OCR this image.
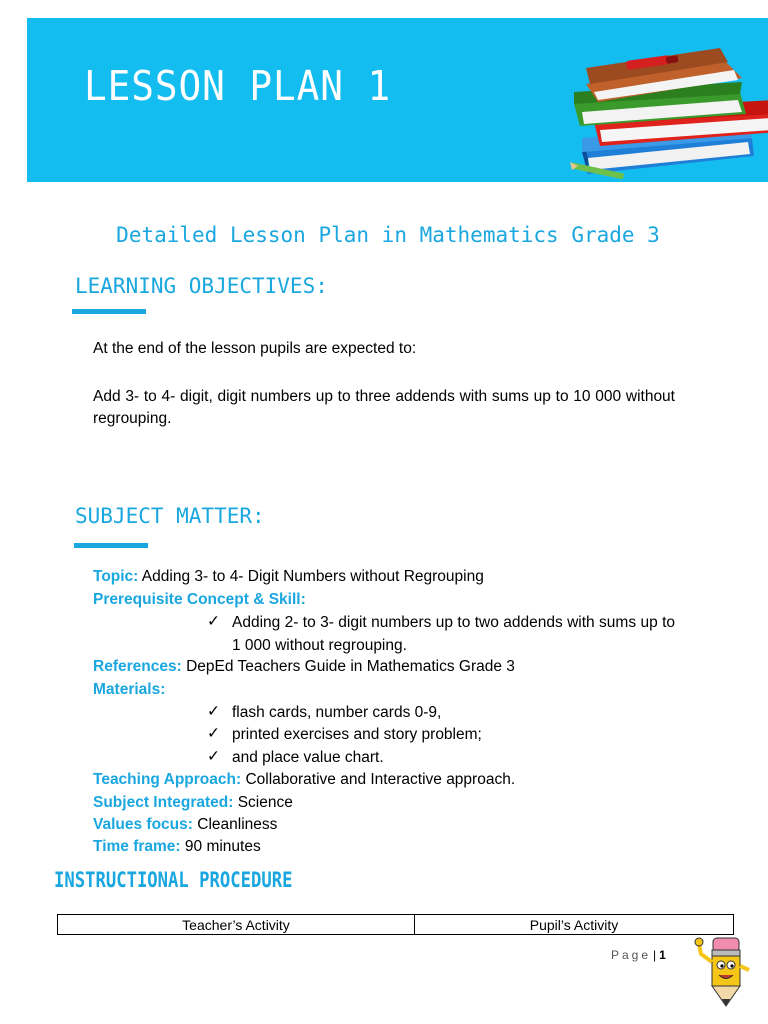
LESSON PLAN 1
Detailed Lesson Plan in Mathematics Grade 3
LEARNING OBJECTIVES:
At the end of the lesson pupils are expected to:
Add 3- to 4- digit, digit numbers up to three addends with sums up to 10 000 without regrouping.
SUBJECT MATTER:
Topic: Adding 3- to 4- Digit Numbers without Regrouping
Prerequisite Concept & Skill:
✓ Adding 2- to 3- digit numbers up to two addends with sums up to 1 000 without regrouping.
References: DepEd Teachers Guide in Mathematics Grade 3
Materials:
✓ flash cards, number cards 0-9,
✓ printed exercises and story problem;
✓ and place value chart.
Teaching Approach: Collaborative and Interactive approach.
Subject Integrated: Science
Values focus: Cleanliness
Time frame: 90 minutes
INSTRUCTIONAL PROCEDURE
Teacher’s Activity	Pupil’s Activity
Page | 1
